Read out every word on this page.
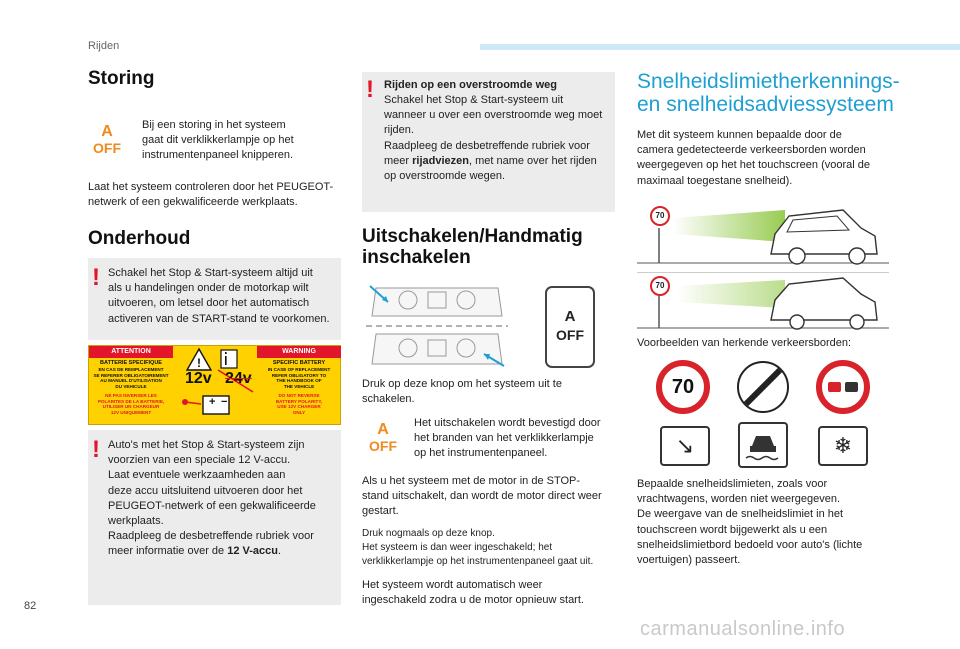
Rijden
Storing
A
OFF
Bij een storing in het systeem
gaat dit verklikkerlampje op het
instrumentenpaneel knipperen.
Laat het systeem controleren door het PEUGEOT-
netwerk of een gekwalificeerde werkplaats.
Onderhoud
! Schakel het Stop & Start-systeem altijd uit
als u handelingen onder de motorkap wilt
uitvoeren, om letsel door het automatisch
activeren van de START-stand te voorkomen.
ATTENTION	WARNING
BATTERIE SPECIFIQUE
EN CAS DE REMPLACEMENT
SE REFERER OBLIGATOIREMENT
AU MANUEL D'UTILISATION
DU VEHICULE
NE PAS INVERSER LES
POLARITES DE LA BATTERIE,
UTILISER UN CHARGEUR
12V UNIQUEMENT
SPECIFIC BATTERY
IN CASE OF REPLACEMENT
REFER OBLIGATORY TO
THE HANDBOOK OF
THE VEHICLE
DO NOT REVERSE
BATTERY POLARITY,
USE 12V CHARGER
ONLY
!
12v 24v
+ −
! Auto's met het Stop & Start-systeem zijn
voorzien van een speciale 12 V-accu.
Laat eventuele werkzaamheden aan
deze accu uitsluitend uitvoeren door het
PEUGEOT-netwerk of een gekwalificeerde
werkplaats.
Raadpleeg de desbetreffende rubriek voor
meer informatie over de 12 V-accu.
! Rijden op een overstroomde weg
Schakel het Stop & Start-systeem uit
wanneer u over een overstroomde weg moet
rijden.
Raadpleeg de desbetreffende rubriek voor
meer rijadviezen, met name over het rijden
op overstroomde wegen.
Uitschakelen/Handmatig
inschakelen
A
OFF
Druk op deze knop om het systeem uit te
schakelen.
A
OFF
Het uitschakelen wordt bevestigd door
het branden van het verklikkerlampje
op het instrumentenpaneel.
Als u het systeem met de motor in de STOP-
stand uitschakelt, dan wordt de motor direct weer
gestart.
Druk nogmaals op deze knop.
Het systeem is dan weer ingeschakeld; het
verklikkerlampje op het instrumentenpaneel gaat uit.
Het systeem wordt automatisch weer
ingeschakeld zodra u de motor opnieuw start.
Snelheidslimietherkennings-
en snelheidsadviessysteem
Met dit systeem kunnen bepaalde door de
camera gedetecteerde verkeersborden worden
weergegeven op het het touchscreen (vooral de
maximaal toegestane snelheid).
70
70
Voorbeelden van herkende verkeersborden:
70
↘	❄
Bepaalde snelheidslimieten, zoals voor
vrachtwagens, worden niet weergegeven.
De weergave van de snelheidslimiet in het
touchscreen wordt bijgewerkt als u een
snelheidslimietbord bedoeld voor auto's (lichte
voertuigen) passeert.
82
carmanualsonline.info
